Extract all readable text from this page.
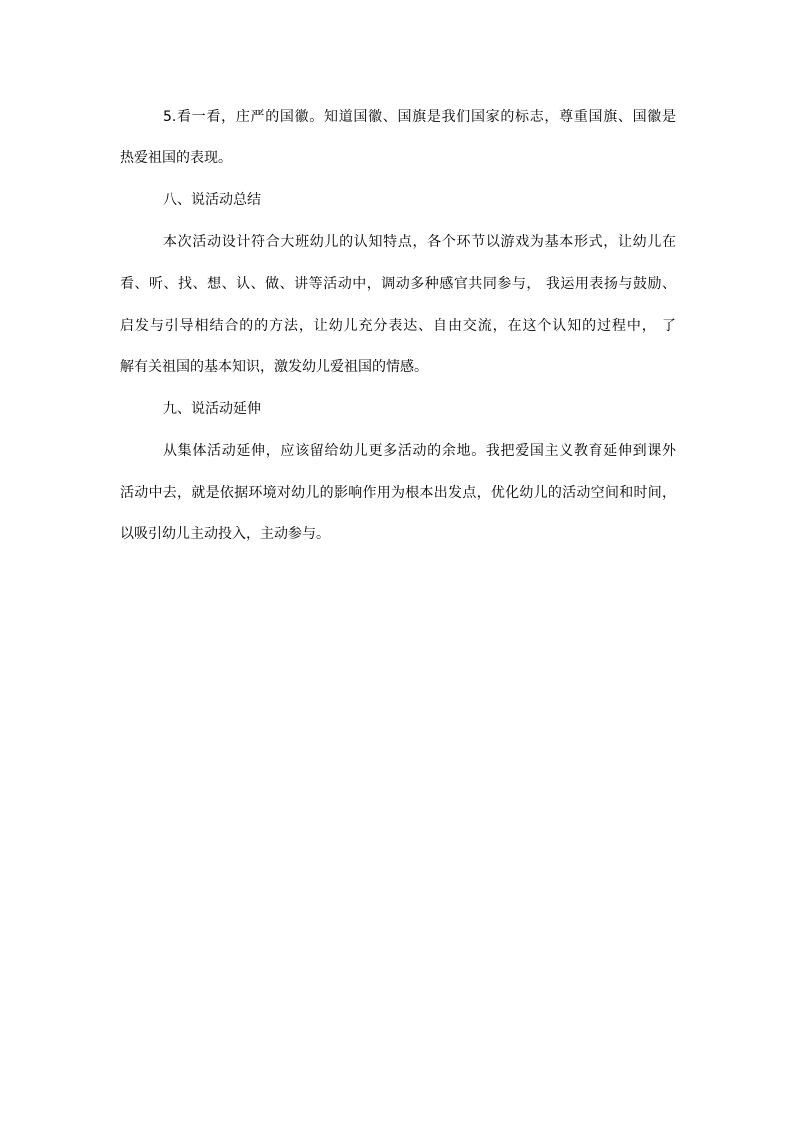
5.看一看，庄严的国徽。知道国徽、国旗是我们国家的标志，尊重国旗、国徽是
热爱祖国的表现。
八、说活动总结
本次活动设计符合大班幼儿的认知特点，各个环节以游戏为基本形式，让幼儿在
看、听、找、想、认、做、讲等活动中，调动多种感官共同参与， 我运用表扬与鼓励、
启发与引导相结合的的方法，让幼儿充分表达、自由交流，在这个认知的过程中， 了
解有关祖国的基本知识，激发幼儿爱祖国的情感。
九、说活动延伸
从集体活动延伸，应该留给幼儿更多活动的余地。我把爱国主义教育延伸到课外
活动中去，就是依据环境对幼儿的影响作用为根本出发点，优化幼儿的活动空间和时间，
以吸引幼儿主动投入，主动参与。
